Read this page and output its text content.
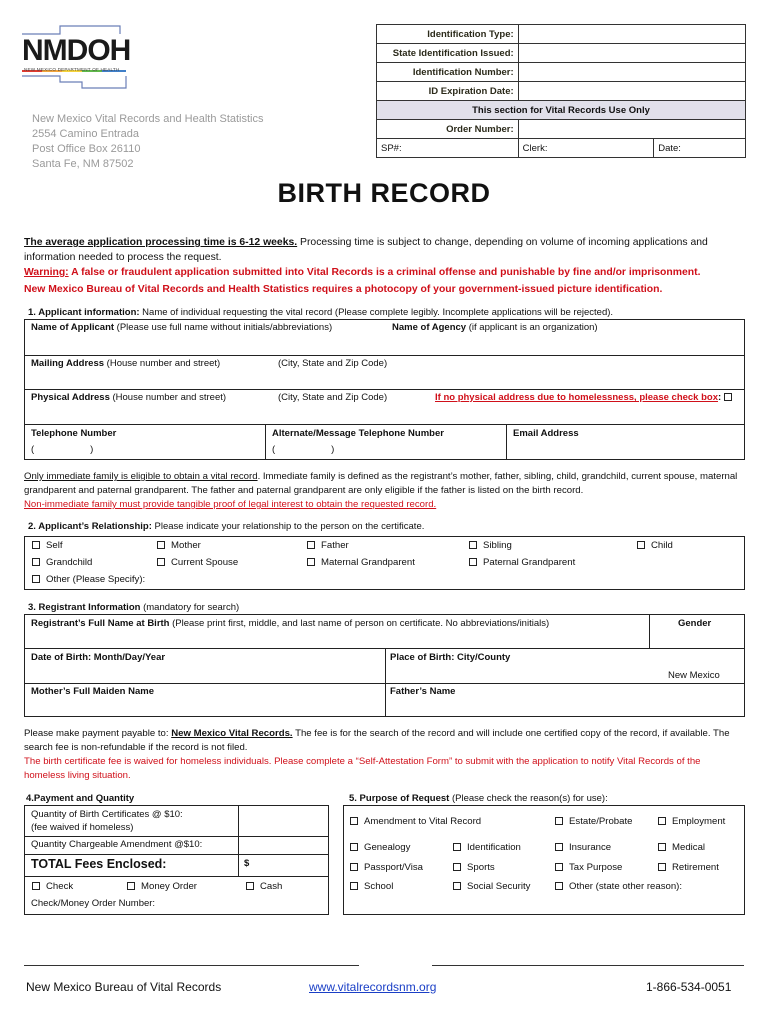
NMDOH
NEW MEXICO DEPARTMENT OF HEALTH
New Mexico Vital Records and Health Statistics
2554 Camino Entrada
Post Office Box 26110
Santa Fe, NM 87502
Identification Type:		
State Identification Issued:		
Identification Number:		
ID Expiration Date:		
This section for Vital Records Use Only		
Order Number:		
SP#:	Clerk:	Date:
BIRTH RECORD
The average application processing time is 6-12 weeks. Processing time is subject to change, depending on volume of incoming applications and information needed to process the request.
Warning: A false or fraudulent application submitted into Vital Records is a criminal offense and punishable by fine and/or imprisonment.
New Mexico Bureau of Vital Records and Health Statistics requires a photocopy of your government-issued picture identification.
1. Applicant information: Name of individual requesting the vital record (Please complete legibly. Incomplete applications will be rejected).
Name of Applicant (Please use full name without initials/abbreviations)	Name of Agency (if applicant is an organization)
Mailing Address (House number and street)	(City, State and Zip Code)
Physical Address (House number and street)	(City, State and Zip Code)	If no physical address due to homelessness, please check box:
Telephone Number	Alternate/Message Telephone Number	Email Address
(	)	(	)
Only immediate family is eligible to obtain a vital record. Immediate family is defined as the registrant’s mother, father, sibling, child, grandchild, current spouse, maternal grandparent and paternal grandparent. The father and paternal grandparent are only eligible if the father is listed on the birth record.
Non-immediate family must provide tangible proof of legal interest to obtain the requested record.
2. Applicant’s Relationship: Please indicate your relationship to the person on the certificate.
Self	Mother	Father	Sibling	Child
Grandchild	Current Spouse	Maternal Grandparent	Paternal Grandparent
Other (Please Specify):
3. Registrant Information (mandatory for search)
Registrant’s Full Name at Birth (Please print first, middle, and last name of person on certificate. No abbreviations/initials)	Gender
Date of Birth: Month/Day/Year	Place of Birth: City/County
New Mexico
Mother’s Full Maiden Name	Father’s Name
Please make payment payable to: New Mexico Vital Records. The fee is for the search of the record and will include one certified copy of the record, if available. The search fee is non-refundable if the record is not filed.
The birth certificate fee is waived for homeless individuals. Please complete a “Self-Attestation Form” to submit with the application to notify Vital Records of the homeless living situation.
4.Payment and Quantity
Quantity of Birth Certificates @ $10:
(fee waived if homeless)
Quantity Chargeable Amendment @$10:
TOTAL Fees Enclosed:	$
Check	Money Order	Cash
Check/Money Order Number:
5. Purpose of Request (Please check the reason(s) for use):
Amendment to Vital Record	Estate/Probate	Employment
Genealogy	Identification	Insurance	Medical
Passport/Visa	Sports	Tax Purpose	Retirement
School	Social Security	Other (state other reason):
New Mexico Bureau of Vital Records	www.vitalrecordsnm.org	1-866-534-0051
